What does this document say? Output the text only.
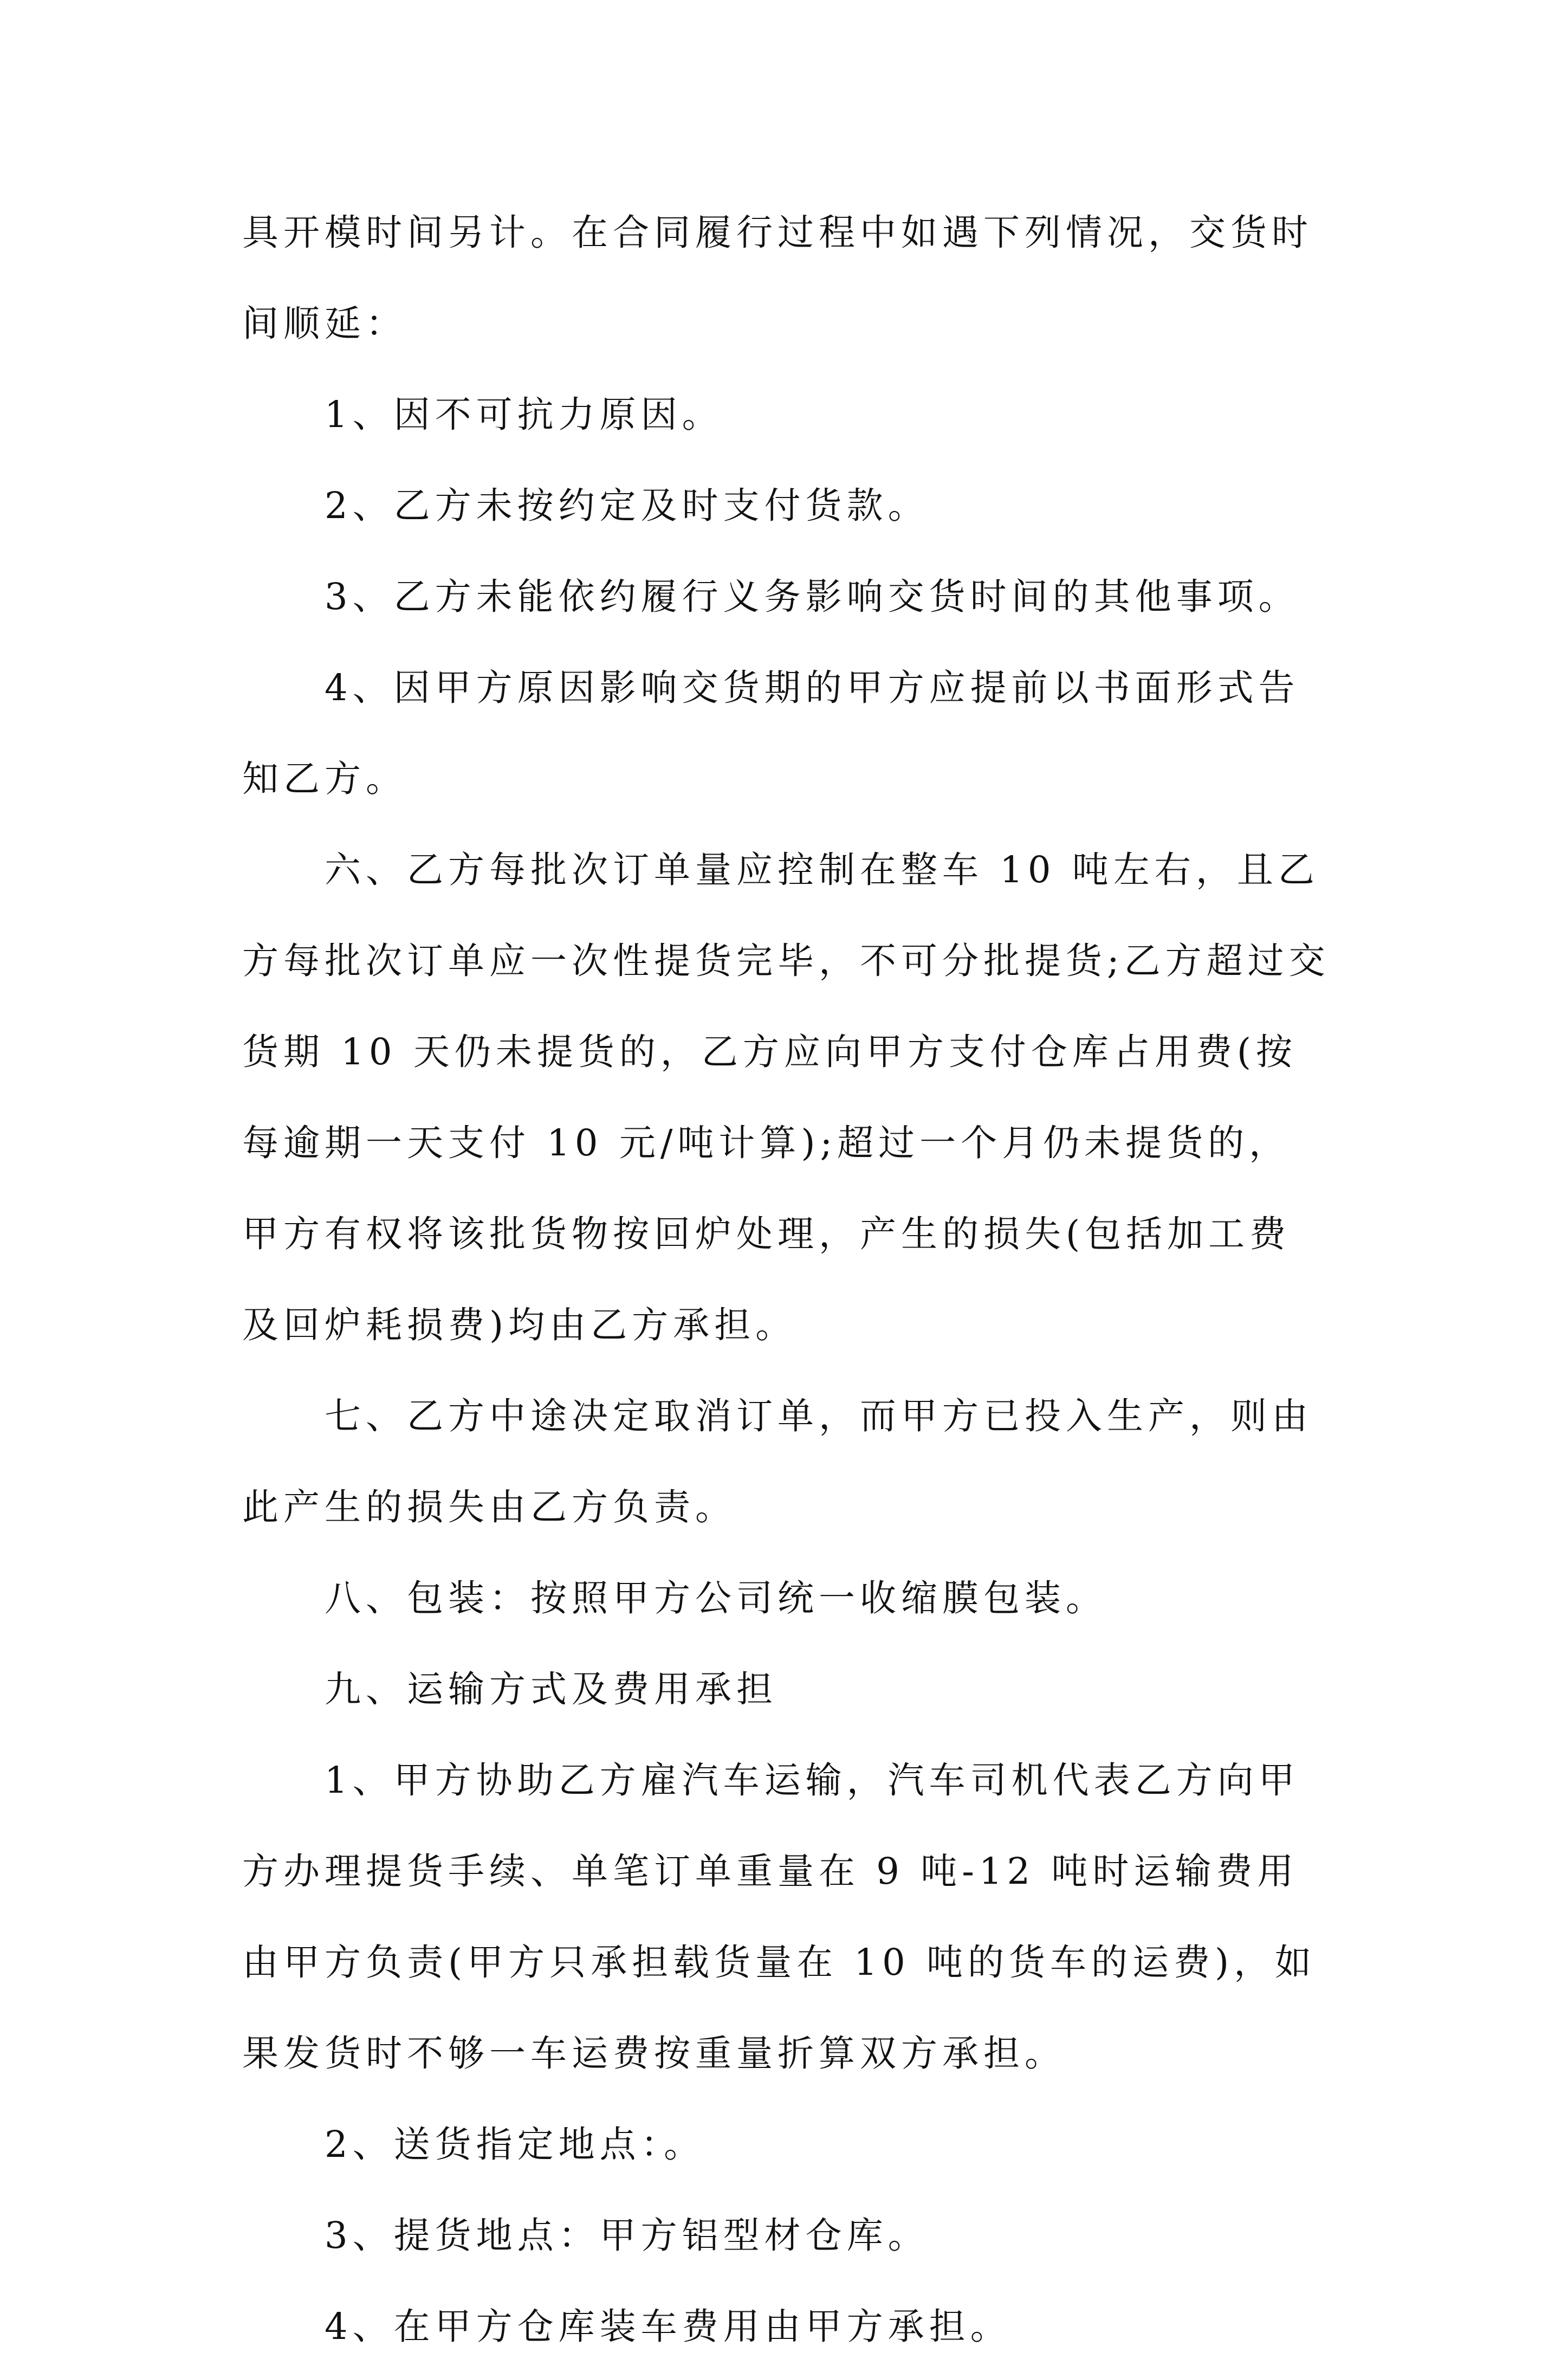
具开模时间另计。在合同履行过程中如遇下列情况，交货时间顺延：

1、因不可抗力原因。

2、乙方未按约定及时支付货款。

3、乙方未能依约履行义务影响交货时间的其他事项。

4、因甲方原因影响交货期的甲方应提前以书面形式告知乙方。

六、乙方每批次订单量应控制在整车 10 吨左右，且乙方每批次订单应一次性提货完毕，不可分批提货;乙方超过交货期 10 天仍未提货的，乙方应向甲方支付仓库占用费(按每逾期一天支付 10 元/吨计算);超过一个月仍未提货的，甲方有权将该批货物按回炉处理，产生的损失(包括加工费及回炉耗损费)均由乙方承担。

七、乙方中途决定取消订单，而甲方已投入生产，则由此产生的损失由乙方负责。

八、包装：按照甲方公司统一收缩膜包装。

九、运输方式及费用承担

1、甲方协助乙方雇汽车运输，汽车司机代表乙方向甲方办理提货手续、单笔订单重量在 9 吨-12 吨时运输费用由甲方负责(甲方只承担载货量在 10 吨的货车的运费)，如果发货时不够一车运费按重量折算双方承担。

2、送货指定地点：。

3、提货地点：甲方铝型材仓库。

4、在甲方仓库装车费用由甲方承担。
